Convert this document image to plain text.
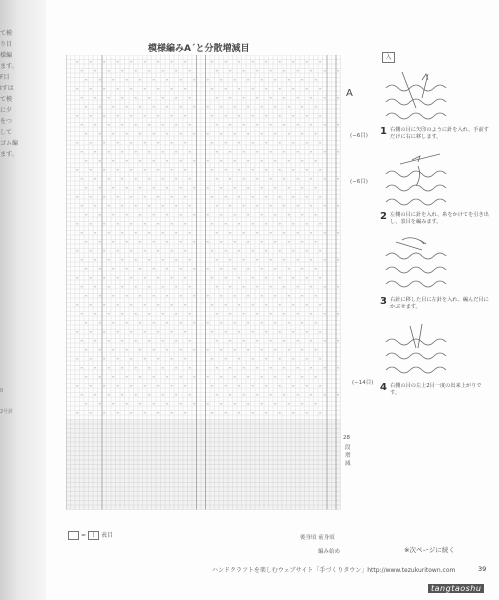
て模
り目
様編
ます。
F目
Iすは
て模
に夕
をつ
して
ゴム編
ます。
0
2号針
模様編みA´と分散増減目
A
(−6目)
(−6目)
(−14目)
28
段
増
減
= | 表目	後身頃 前身頃
編み始め
入
1 右側の目に矢印のように針を入れ、手前すだけに右に移します。
2 左側の目に針を入れ、糸をかけてを引き出し、表目を編みます。
3 右針に移した目に左針を入れ、編んだ目にかぶせます。
4 右側の目の左上2目一度の出来上がりです。
※次ページに続く
ハンドクラフトを楽しむウェブサイト「手づくりタウン」http://www.tezukuritown.com	39
tangtaoshu
